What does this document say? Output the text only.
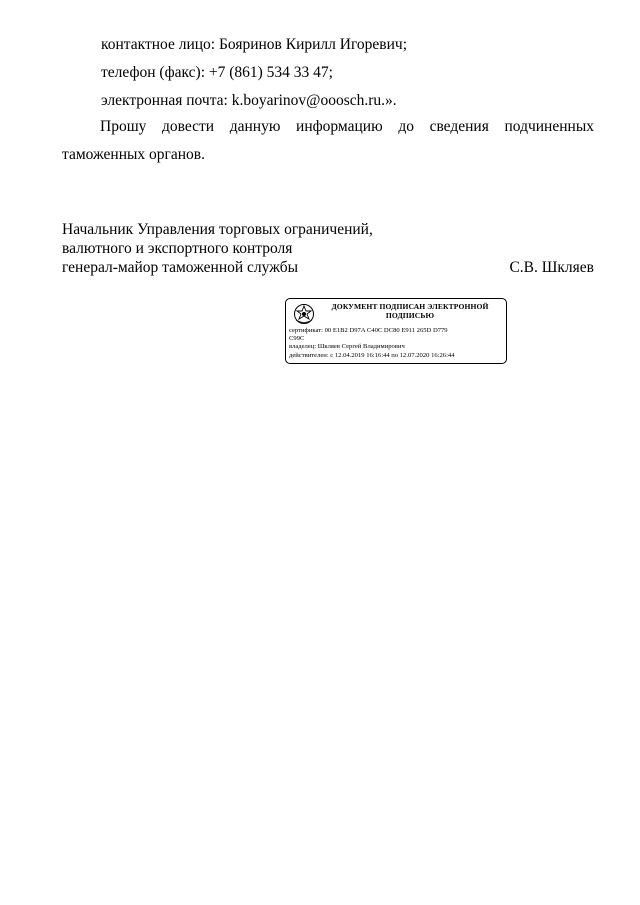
контактное лицо: Бояринов Кирилл Игоревич;
телефон (факс): +7 (861) 534 33 47;
электронная почта: k.boyarinov@ooosch.ru.».
Прошу довести данную информацию до сведения подчиненных
таможенных органов.
Начальник Управления торговых ограничений,
валютного и экспортного контроля
генерал-майор таможенной службы	С.В. Шкляев
ДОКУМЕНТ ПОДПИСАН ЭЛЕКТРОННОЙ
ПОДПИСЬЮ
сертификат: 00 E1B2 D97A C40C DC80 E911 265D D779
C99C
владелец: Шкляев Сергей Владимирович
действителен: с 12.04.2019 16:16:44 по 12.07.2020 16:26:44
